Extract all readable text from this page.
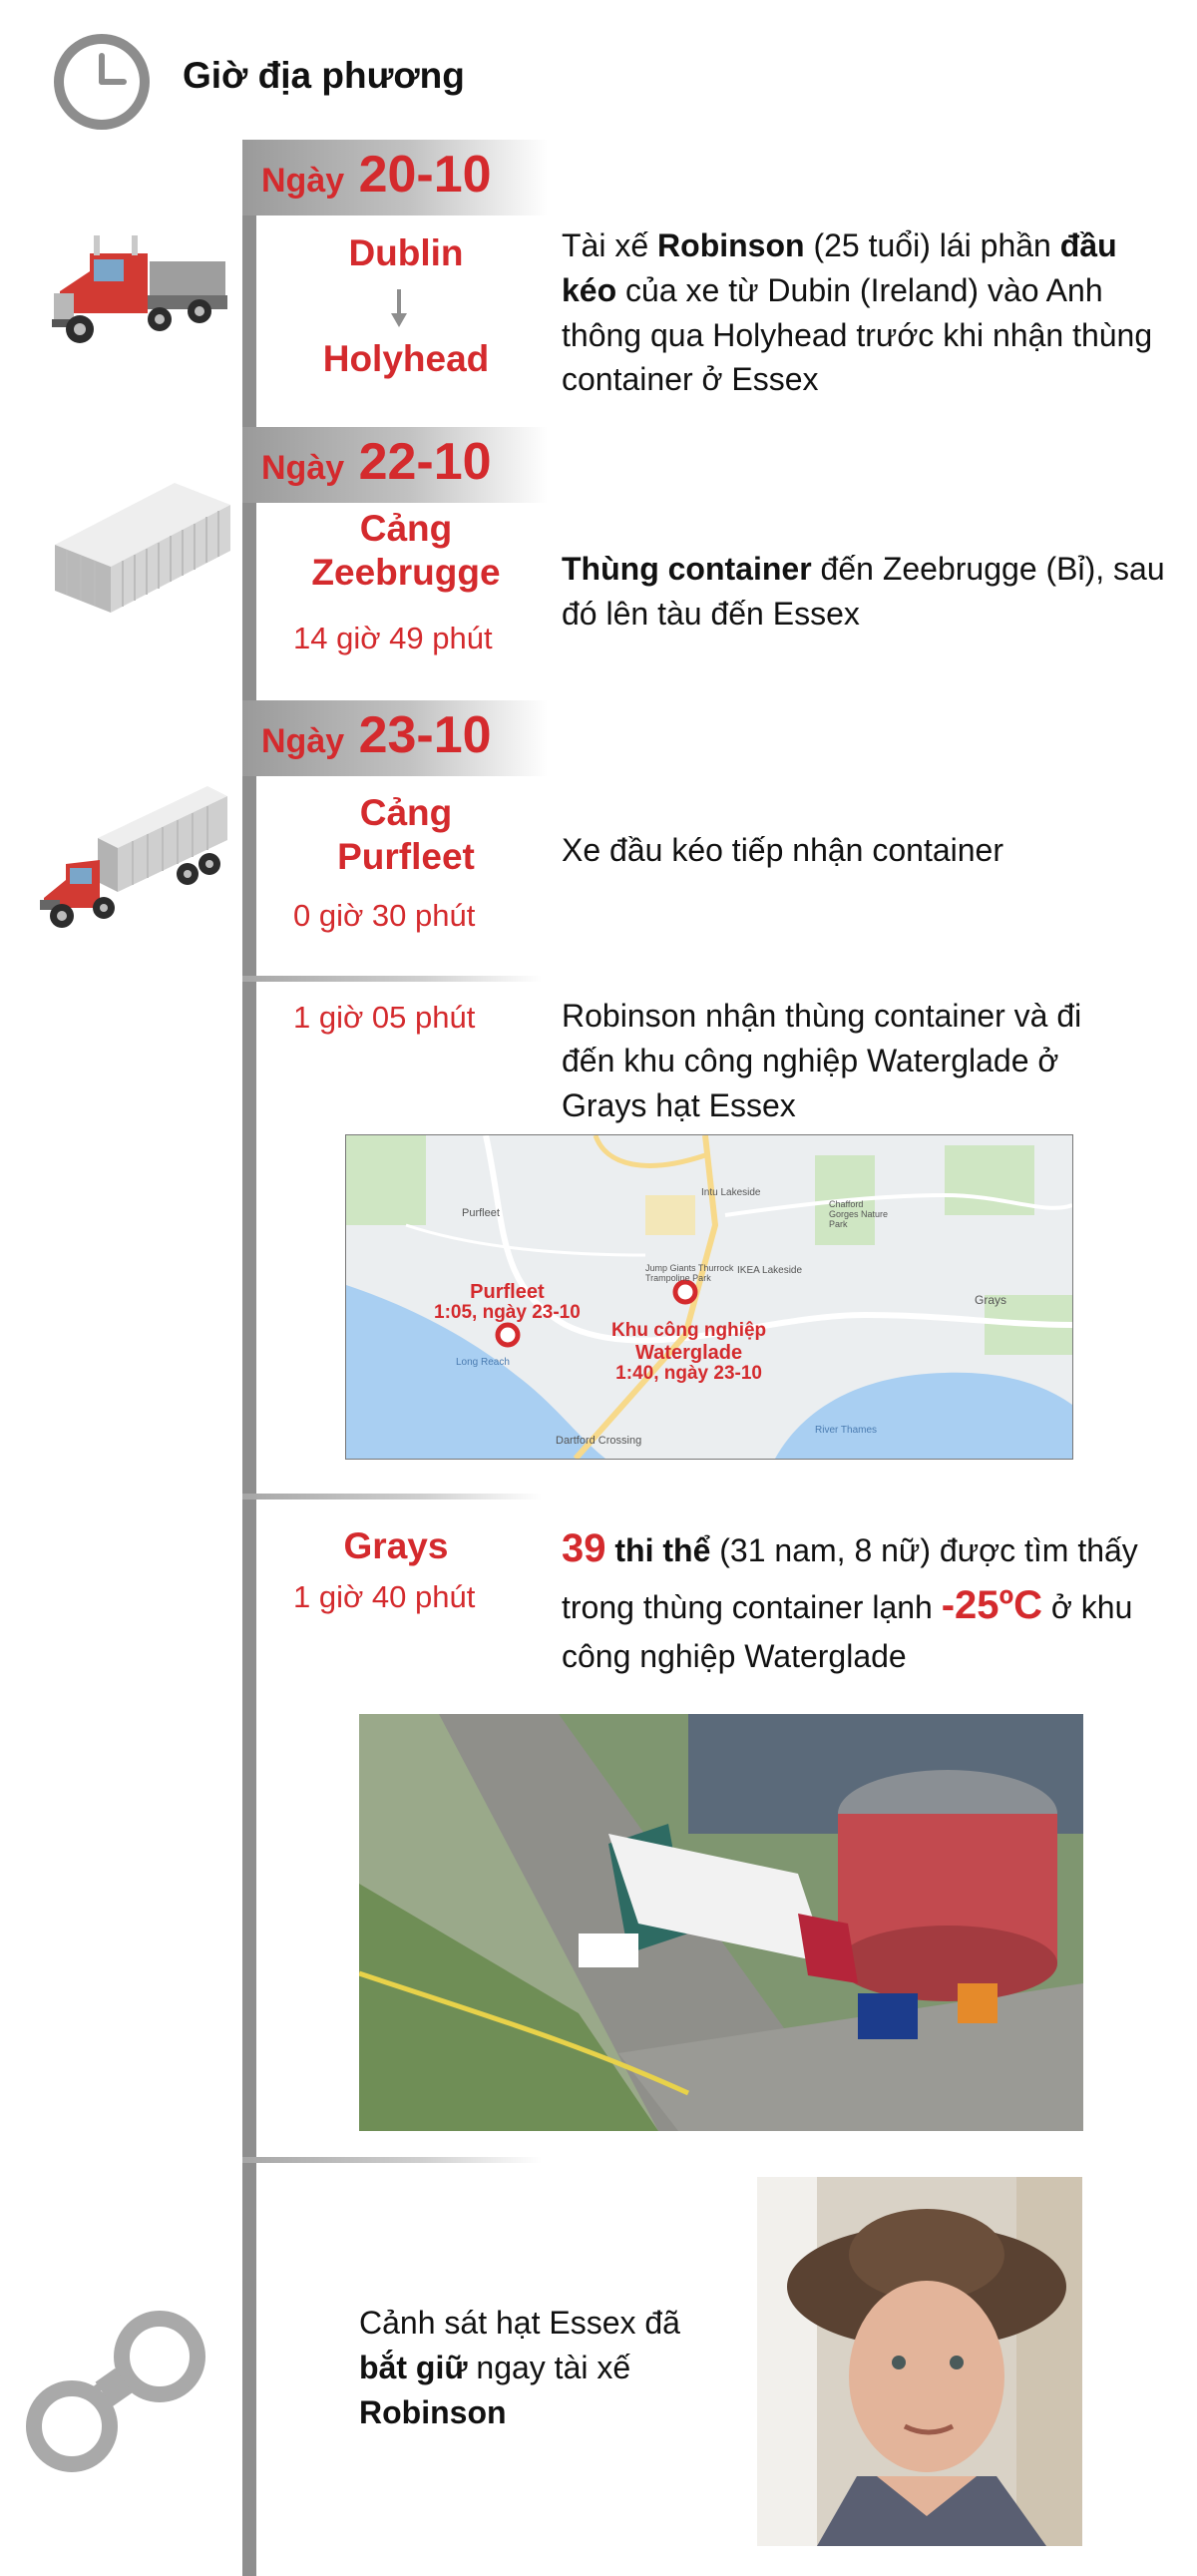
Giờ địa phương
Ngày 20-10
Dublin
Holyhead
Tài xế Robinson (25 tuổi) lái phần đầu kéo của xe từ Dubin (Ireland) vào Anh thông qua Holyhead trước khi nhận thùng container ở Essex
Ngày 22-10
Cảng
Zeebrugge
14 giờ 49 phút
Thùng container đến Zeebrugge (Bỉ), sau đó lên tàu đến Essex
Ngày 23-10
Cảng
Purfleet
0 giờ 30 phút
Xe đầu kéo tiếp nhận container
1 giờ 05 phút	Robinson nhận thùng container và đi đến khu công nghiệp Waterglade ở Grays hạt Essex
Purfleet
Grays
Jump Giants Thurrock Trampoline Park
IKEA Lakeside
Intu Lakeside
Chafford Gorges Nature Park
Dartford Crossing
River Thames
Long Reach
Purfleet
1:05, ngày 23-10
Khu công nghiệp
Waterglade
1:40, ngày 23-10
Grays
1 giờ 40 phút
39 thi thể (31 nam, 8 nữ) được tìm thấy trong thùng container lạnh -25ºC ở khu công nghiệp Waterglade
Cảnh sát hạt Essex đã bắt giữ ngay tài xế Robinson
